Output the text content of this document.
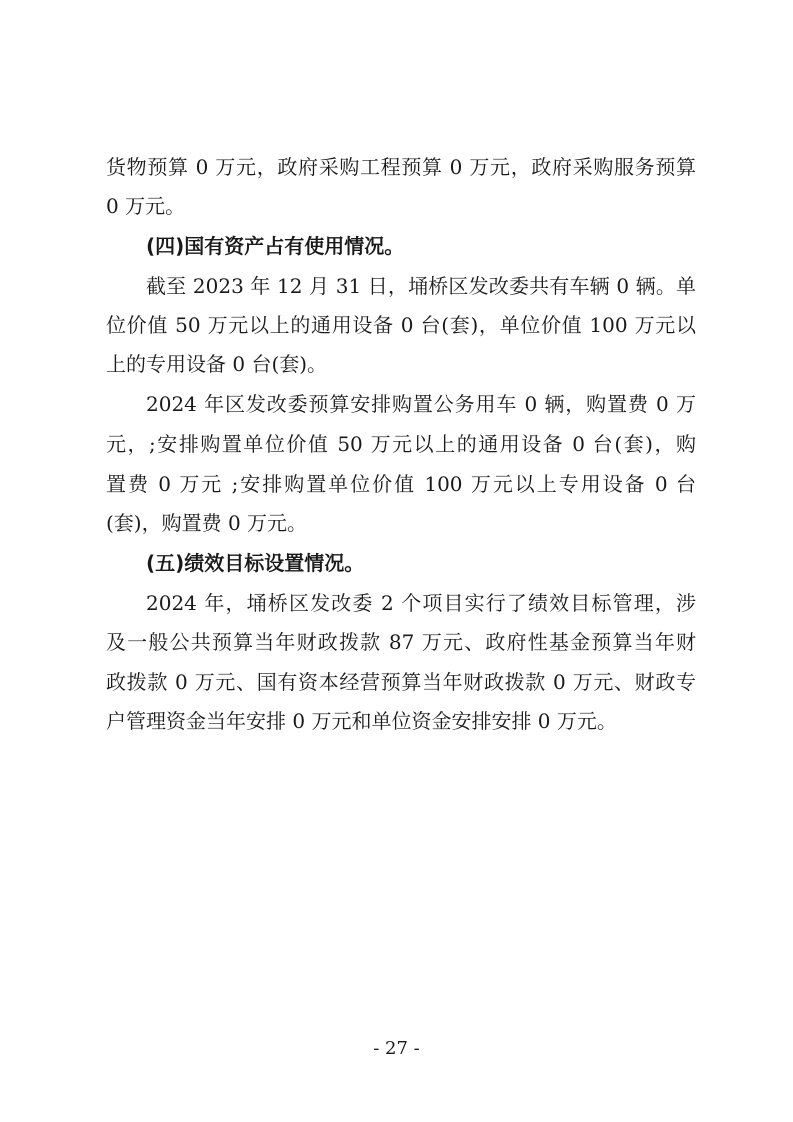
货物预算 0 万元，政府采购工程预算 0 万元，政府采购服务预算
0 万元。
(四)国有资产占有使用情况。
截至 2023 年 12 月 31 日，埇桥区发改委共有车辆 0 辆。单
位价值 50 万元以上的通用设备 0 台(套)，单位价值 100 万元以
上的专用设备 0 台(套)。
2024 年区发改委预算安排购置公务用车 0 辆，购置费 0 万
元，;安排购置单位价值 50 万元以上的通用设备 0 台(套)，购
置费 0 万元 ;安排购置单位价值 100 万元以上专用设备 0 台
(套)，购置费 0 万元。
(五)绩效目标设置情况。
2024 年，埇桥区发改委 2 个项目实行了绩效目标管理，涉
及一般公共预算当年财政拨款 87 万元、政府性基金预算当年财
政拨款 0 万元、国有资本经营预算当年财政拨款 0 万元、财政专
户管理资金当年安排 0 万元和单位资金安排安排 0 万元。
- 27 -
